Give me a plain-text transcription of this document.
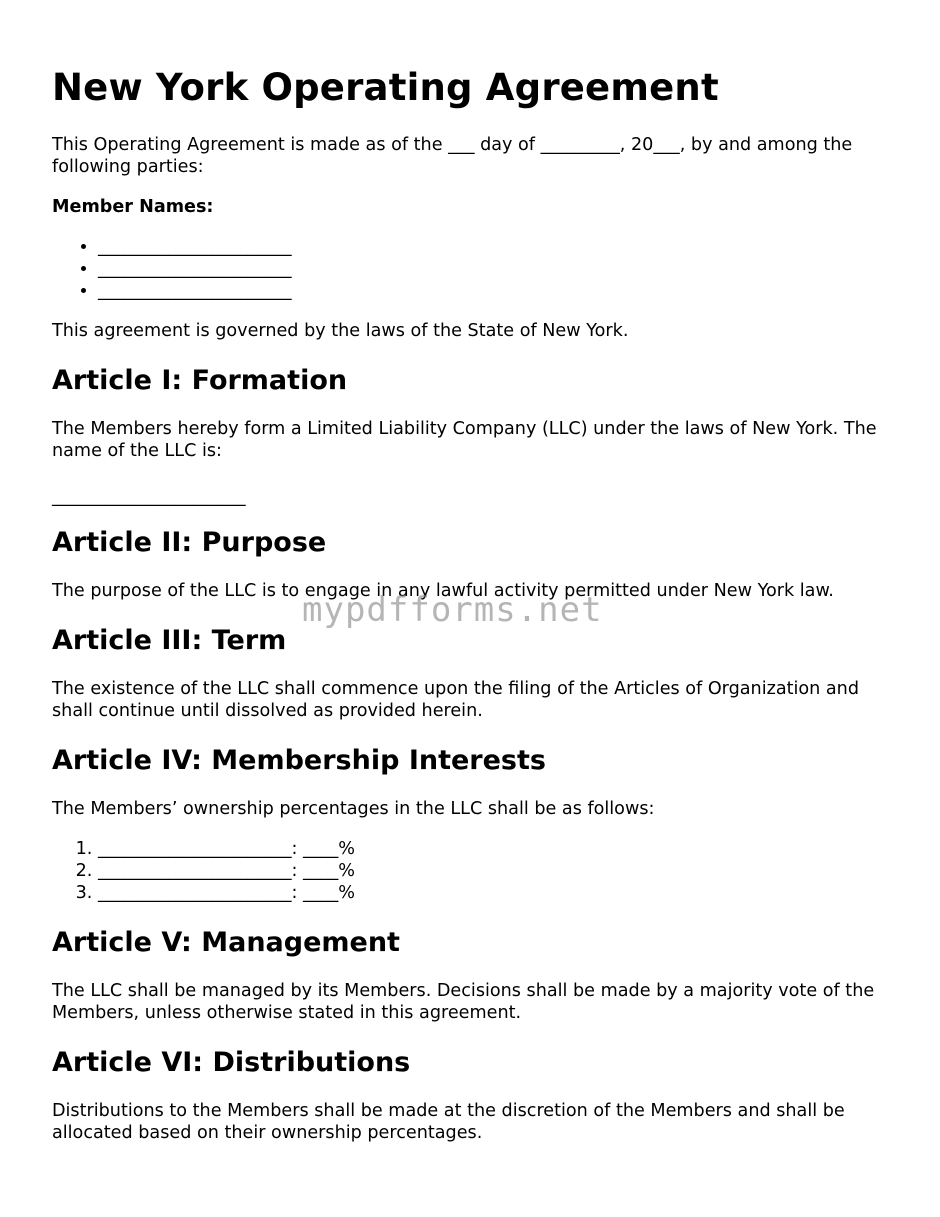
New York Operating Agreement

This Operating Agreement is made as of the ___ day of _________, 20___, by and among the following parties:

Member Names:
• ______________________
• ______________________
• ______________________

This agreement is governed by the laws of the State of New York.

Article I: Formation

The Members hereby form a Limited Liability Company (LLC) under the laws of New York. The name of the LLC is:

______________________
Article II: Purpose

The purpose of the LLC is to engage in any lawful activity permitted under New York law.

Article III: Term

The existence of the LLC shall commence upon the filing of the Articles of Organization and shall continue until dissolved as provided herein.

Article IV: Membership Interests

The Members’ ownership percentages in the LLC shall be as follows:

1. ______________________: ____%
2. ______________________: ____%
3. ______________________: ____%
Article V: Management

The LLC shall be managed by its Members. Decisions shall be made by a majority vote of the Members, unless otherwise stated in this agreement.

Article VI: Distributions

Distributions to the Members shall be made at the discretion of the Members and shall be allocated based on their ownership percentages.

mypdfforms.net
